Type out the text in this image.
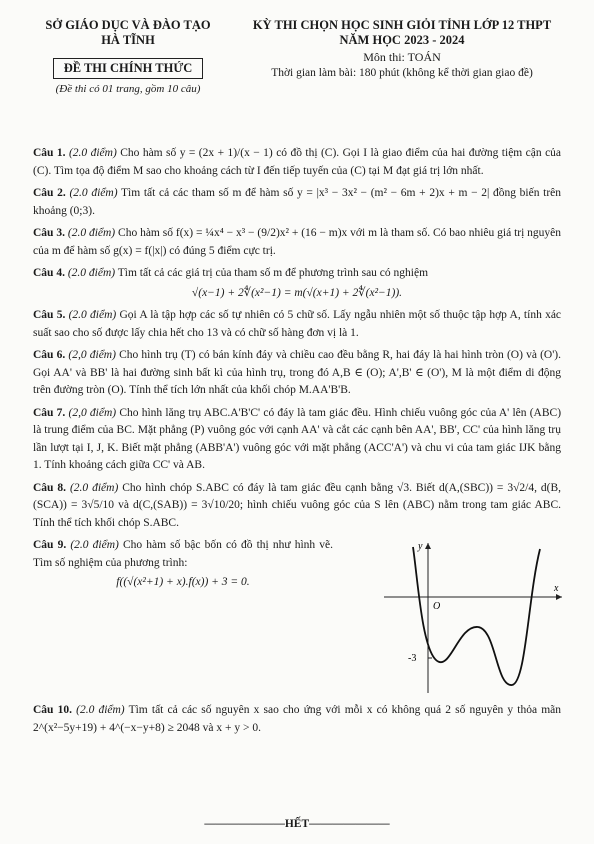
SỞ GIÁO DỤC VÀ ĐÀO TẠO
HÀ TĨNH
ĐỀ THI CHÍNH THỨC
(Đề thi có 01 trang, gồm 10 câu)
KỲ THI CHỌN HỌC SINH GIỎI TỈNH LỚP 12 THPT
NĂM HỌC 2023 - 2024
Môn thi: TOÁN
Thời gian làm bài: 180 phút (không kể thời gian giao đề)
Câu 1. (2.0 điểm) Cho hàm số y = (2x + 1)/(x − 1) có đồ thị (C). Gọi I là giao điểm của hai đường tiệm cận của (C). Tìm tọa độ điểm M sao cho khoảng cách từ I đến tiếp tuyến của (C) tại M đạt giá trị lớn nhất.
Câu 2. (2.0 điểm) Tìm tất cả các tham số m để hàm số y = |x³ − 3x² − (m² − 6m + 2)x + m − 2| đồng biến trên khoảng (0;3).
Câu 3. (2.0 điểm) Cho hàm số f(x) = ¼x⁴ − x³ − (9/2)x² + (16 − m)x với m là tham số. Có bao nhiêu giá trị nguyên của m để hàm số g(x) = f(|x|) có đúng 5 điểm cực trị.
Câu 4. (2.0 điểm) Tìm tất cả các giá trị của tham số m để phương trình sau có nghiệm
√(x−1) + 2∜(x²−1) = m(√(x+1) + 2∜(x²−1)).
Câu 5. (2.0 điểm) Gọi A là tập hợp các số tự nhiên có 5 chữ số. Lấy ngẫu nhiên một số thuộc tập hợp A, tính xác suất sao cho số được lấy chia hết cho 13 và có chữ số hàng đơn vị là 1.
Câu 6. (2,0 điểm) Cho hình trụ (T) có bán kính đáy và chiều cao đều bằng R, hai đáy là hai hình tròn (O) và (O'). Gọi AA' và BB' là hai đường sinh bất kì của hình trụ, trong đó A,B ∈ (O); A',B' ∈ (O'), M là một điểm di động trên đường tròn (O). Tính thể tích lớn nhất của khối chóp M.AA'B'B.
Câu 7. (2,0 điểm) Cho hình lăng trụ ABC.A'B'C' có đáy là tam giác đều. Hình chiếu vuông góc của A' lên (ABC) là trung điểm của BC. Mặt phẳng (P) vuông góc với cạnh AA' và cắt các cạnh bên AA', BB', CC' của hình lăng trụ lần lượt tại I, J, K. Biết mặt phẳng (ABB'A') vuông góc với mặt phẳng (ACC'A') và chu vi của tam giác IJK bằng 1. Tính khoảng cách giữa CC' và AB.
Câu 8. (2.0 điểm) Cho hình chóp S.ABC có đáy là tam giác đều cạnh bằng √3. Biết d(A,(SBC)) = 3√2/4, d(B,(SCA)) = 3√5/10 và d(C,(SAB)) = 3√10/20; hình chiếu vuông góc của S lên (ABC) nằm trong tam giác ABC. Tính thể tích khối chóp S.ABC.
Câu 9. (2.0 điểm) Cho hàm số bậc bốn có đồ thị như hình vẽ. Tìm số nghiệm của phương trình:
f((√(x²+1) + x).f(x)) + 3 = 0.
y
x
O
-3
Câu 10. (2.0 điểm) Tìm tất cả các số nguyên x sao cho ứng với mỗi x có không quá 2 số nguyên y thỏa mãn 2^(x²−5y+19) + 4^(−x−y+8) ≥ 2048 và x + y > 0.
———————HẾT———————
